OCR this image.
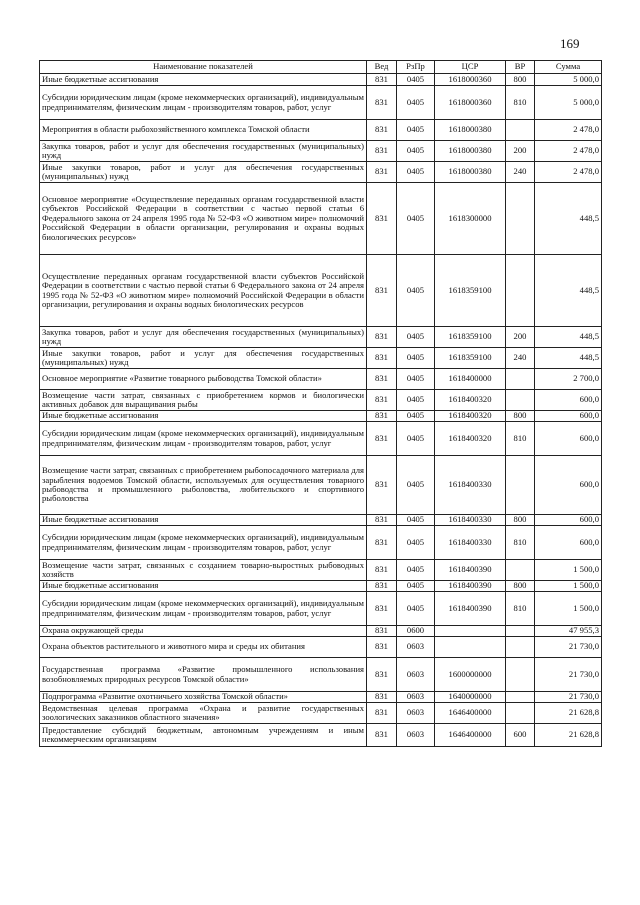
169
Наименование показателей	Вед	РзПр	ЦСР	ВР	Сумма
Иные бюджетные ассигнования	831	0405	1618000360	800	5 000,0
Субсидии юридическим лицам (кроме некоммерческих организаций), индивидуальным предпринимателям, физическим лицам - производителям товаров, работ, услуг	831	0405	1618000360	810	5 000,0
Мероприятия в области рыбохозяйственного комплекса Томской области	831	0405	1618000380		2 478,0
Закупка товаров, работ и услуг для обеспечения государственных (муниципальных) нужд	831	0405	1618000380	200	2 478,0
Иные закупки товаров, работ и услуг для обеспечения государственных (муниципальных) нужд	831	0405	1618000380	240	2 478,0
Основное мероприятие «Осуществление переданных органам государственной власти субъектов Российской Федерации в соответствии с частью первой статьи 6 Федерального закона от 24 апреля 1995 года № 52-ФЗ «О животном мире» полномочий Российской Федерации в области организации, регулирования и охраны водных биологических ресурсов»	831	0405	1618300000		448,5
Осуществление переданных органам государственной власти субъектов Российской Федерации в соответствии с частью первой статьи 6 Федерального закона от 24 апреля 1995 года № 52-ФЗ «О животном мире» полномочий Российской Федерации в области организации, регулирования и охраны водных биологических ресурсов	831	0405	1618359100		448,5
Закупка товаров, работ и услуг для обеспечения государственных (муниципальных) нужд	831	0405	1618359100	200	448,5
Иные закупки товаров, работ и услуг для обеспечения государственных (муниципальных) нужд	831	0405	1618359100	240	448,5
Основное мероприятие «Развитие товарного рыбоводства Томской области»	831	0405	1618400000		2 700,0
Возмещение части затрат, связанных с приобретением кормов и биологически активных добавок для выращивания рыбы	831	0405	1618400320		600,0
Иные бюджетные ассигнования	831	0405	1618400320	800	600,0
Субсидии юридическим лицам (кроме некоммерческих организаций), индивидуальным предпринимателям, физическим лицам - производителям товаров, работ, услуг	831	0405	1618400320	810	600,0
Возмещение части затрат, связанных с приобретением рыбопосадочного материала для зарыбления водоемов Томской области, используемых для осуществления товарного рыбоводства и промышленного рыболовства, любительского и спортивного рыболовства	831	0405	1618400330		600,0
Иные бюджетные ассигнования	831	0405	1618400330	800	600,0
Субсидии юридическим лицам (кроме некоммерческих организаций), индивидуальным предпринимателям, физическим лицам - производителям товаров, работ, услуг	831	0405	1618400330	810	600,0
Возмещение части затрат, связанных с созданием товарно-выростных рыбоводных хозяйств	831	0405	1618400390		1 500,0
Иные бюджетные ассигнования	831	0405	1618400390	800	1 500,0
Субсидии юридическим лицам (кроме некоммерческих организаций), индивидуальным предпринимателям, физическим лицам - производителям товаров, работ, услуг	831	0405	1618400390	810	1 500,0
Охрана окружающей среды	831	0600			47 955,3
Охрана объектов растительного и животного мира и среды их обитания	831	0603			21 730,0
Государственная программа «Развитие промышленного использования возобновляемых природных ресурсов Томской области»	831	0603	1600000000		21 730,0
Подпрограмма «Развитие охотничьего хозяйства Томской области»	831	0603	1640000000		21 730,0
Ведомственная целевая программа «Охрана и развитие государственных зоологических заказников областного значения»	831	0603	1646400000		21 628,8
Предоставление субсидий бюджетным, автономным учреждениям и иным некоммерческим организациям	831	0603	1646400000	600	21 628,8
